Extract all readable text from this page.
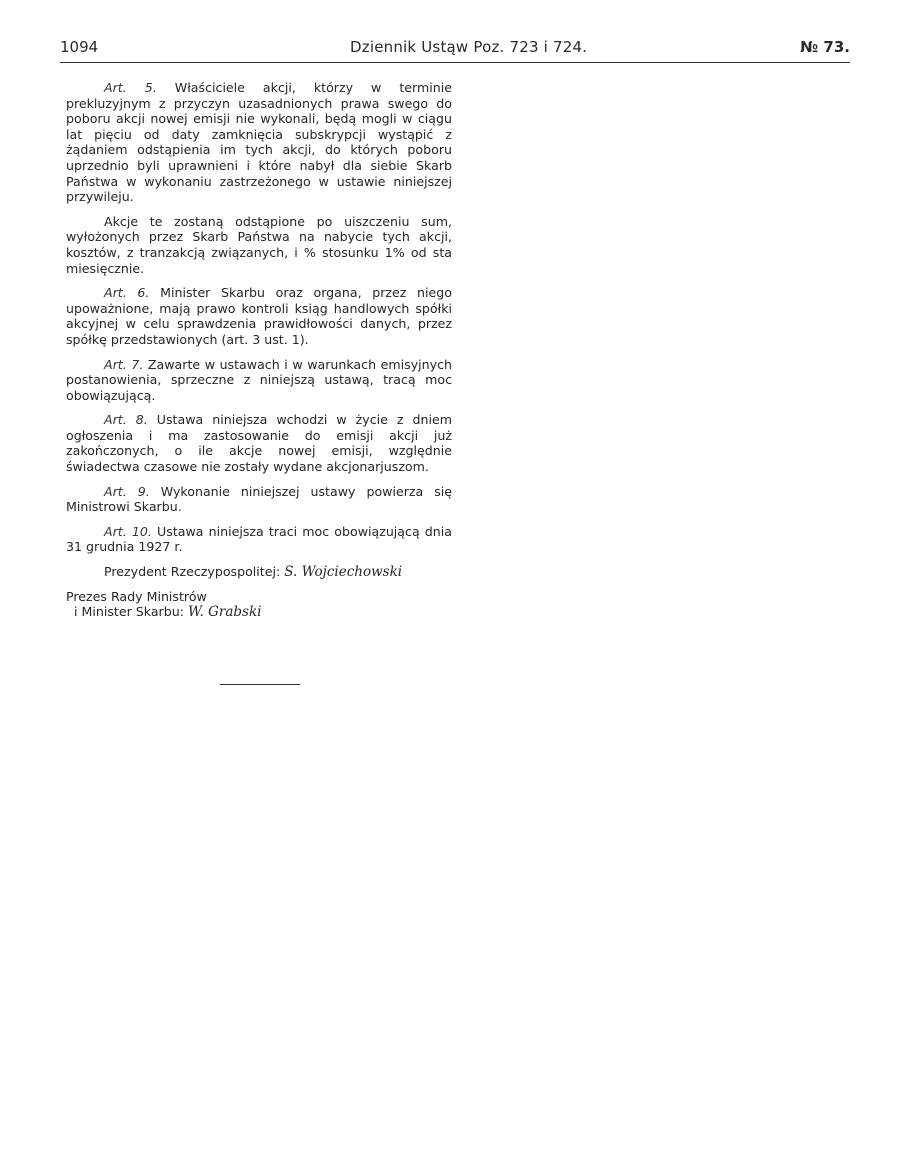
1094	Dziennik Ustąw Poz. 723 i 724.	№ 73.

Art. 5. Właściciele akcji, którzy w terminie prekluzyjnym z przyczyn uzasadnionych prawa swego do poboru akcji nowej emisji nie wykonali, będą mogli w ciągu lat pięciu od daty zamknięcia subskrypcji wystąpić z żądaniem odstąpienia im tych akcji, do których poboru uprzednio byli uprawnieni i które nabył dla siebie Skarb Państwa w wykonaniu zastrzeżonego w ustawie niniejszej przywileju.

Akcje te zostaną odstąpione po uiszczeniu sum, wyłożonych przez Skarb Państwa na nabycie tych akcji, kosztów, z tranzakcją związanych, i % stosunku 1% od sta miesięcznie.

Art. 6. Minister Skarbu oraz organa, przez niego upoważnione, mają prawo kontroli ksiąg handlowych spółki akcyjnej w celu sprawdzenia prawidłowości danych, przez spółkę przedstawionych (art. 3 ust. 1).

Art. 7. Zawarte w ustawach i w warunkach emisyjnych postanowienia, sprzeczne z niniejszą ustawą, tracą moc obowiązującą.

Art. 8. Ustawa niniejsza wchodzi w życie z dniem ogłoszenia i ma zastosowanie do emisji akcji już zakończonych, o ile akcje nowej emisji, względnie świadectwa czasowe nie zostały wydane akcjonarjuszom.

Art. 9. Wykonanie niniejszej ustawy powierza się Ministrowi Skarbu.

Art. 10. Ustawa niniejsza traci moc obowiązującą dnia 31 grudnia 1927 r.

Prezydent Rzeczypospolitej: S. Wojciechowski

Prezes Rady Ministrów
i Minister Skarbu: W. Grabski
